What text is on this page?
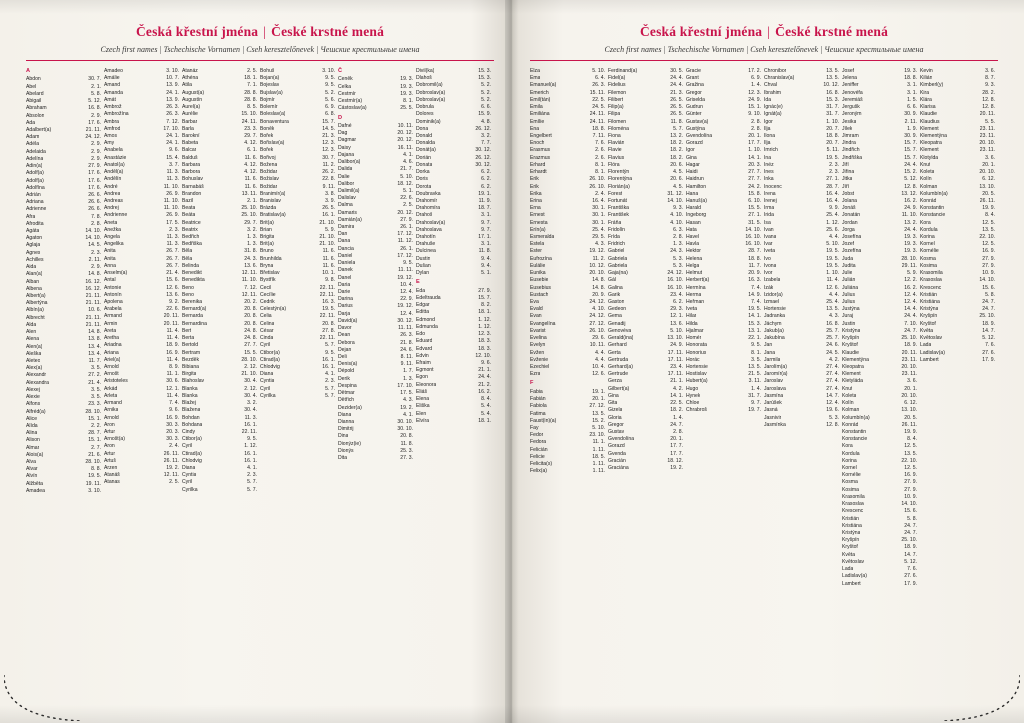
Česká křestní jména | České krstné mená
Czech first names | Tschechische Vornamen | Cseh keresztelőnevek | Чешские крестильные имена
A
Abdon	30. 7.
Ábel	2. 1.
Abelard	5. 8.
Abigail	5. 12.
Abraham	16. 8.
Absolon	2. 9.
Ada	17. 6.
Adalbert(a)	21. 11.
Adam	24. 12.
Adéla	2. 9.
Adelaida	2. 9.
Adelína	2. 9.
Adin(a)	27. 9.
Adolf(a)	17. 6.
Adolf(a)	17. 6.
Adolfína	17. 6.
Adrián	26. 6.
Adriana	26. 6.
Adrienne	26. 6.
Afra	7. 8.
Afrodita	2. 8.
Agáta	14. 10.
Agaton	14. 10.
Aglaja	14. 5.
Agnes	2. 3.
Achilles	2. 11.
Aida	2. 9.
Alan(a)	14. 8.
Alban	16. 12.
Albena	16. 12.
Albert(a)	21. 11.
Albertýna	21. 11.
Albín(a)	10. 6.
Albrecht	21. 11.
Alda	21. 11.
Alen	14. 8.
Alena	13. 8.
Alen(a)	13. 4.
Aleška	13. 4.
Aleteo	11. 7.
Alex(a)	3. 5.
Alexandr	27. 2.
Alexandra	21. 4.
Alexej	3. 5.
Alexie	3. 5.
Alfons	23. 3.
Alfréd(a)	28. 10.
Alice	15. 1.
Alída	2. 2.
Alina	28. 7.
Alison	15. 1.
Almar	2. 7.
Alois(a)	21. 6.
Alva	28. 10.
Alvar	8. 8.
Alvín	19. 5.
Alžběta	19. 11.
Amadea	3. 10.
Amadeo	3. 10.
Amálie	10. 7.
Amand	13. 9.
Amanda	24. 1.
Amát	13. 9.
Ambrož	26. 3.
Ambrožína	26. 3.
Ambra	7. 12.
Amfrod	17. 10.
Amos	24. 1.
Amy	24. 1.
Anabela	9. 6.
Anastázie	15. 4.
Anatol(a)	3. 7.
Anděl(a)	11. 3.
Andělín	11. 3.
André	11. 10.
Andrea	26. 9.
Andreas	11. 10.
Andrej	11. 10.
Andrienne	26. 9.
Aneta	17. 5.
Anežka	2. 3.
Angela	11. 3.
Angelika	11. 3.
Anita	26. 7.
Anita	26. 7.
Anna	26. 7.
Anselm(a)	21. 4.
Antal	15. 6.
Antonie	12. 6.
Antonín	13. 6.
Apolena	9. 2.
Arabela	22. 6.
Armand	20. 11.
Armin	20. 11.
Areta	11. 4.
Aretha	11. 4.
Ariadna	18. 9.
Ariana	16. 9.
Ariel(a)	11. 4.
Arnold	8. 9.
Arnošt	11. 1.
Aristoteles	30. 6.
Arkád	12. 1.
Arleta	11. 4.
Armand	7. 4.
Arnika	9. 6.
Arnold	16. 9.
Aron	30. 3.
Artur	20. 3.
Arnošt(a)	30. 3.
Áron	2. 4.
Artur	26. 11.
Artuš	26. 11.
Arzen	19. 2.
Atanáš	12. 11.
Atanas	2. 5.
Atanáz	2. 5.
Athéna	18. 1.
Atila	7. 1.
August(a)	28. 8.
Augustín	28. 8.
Aurel(a)	8. 5.
Aurélie	15. 10.
Barbar	24. 11.
Barla	23. 3.
Barokní	29. 7.
Babeta	4. 12.
Balcar	6. 1.
Balduš	11. 6.
Barbara	4. 12.
Barbora	4. 12.
Bohuslav	11. 6.
Barnabáš	11. 6.
Brandon	13. 11.
Bazil	2. 1.
Beata	25. 10.
Beáta	25. 10.
Beatrice	29. 7.
Beatrix	3. 2.
Bedřich	1. 3.
Bedřiška	1. 3.
Běla	31. 8.
Běla	24. 3.
Belinda	13. 6.
Benedikt	12. 11.
Benedikta	11. 10.
Beno	7. 12.
Beno	12. 11.
Berenika	20. 2.
Bernard(a)	20. 8.
Bernarda	20. 8.
Bernardina	20. 8.
Bert	24. 8.
Berta	24. 8.
Bertold	27. 7.
Bertram	15. 5.
Bezděk	28. 10.
Bibiana	2. 12.
Birgita	21. 10.
Blahoslav	30. 4.
Blanka	2. 12.
Blanka	30. 4.
Blažej	3. 2.
Blažena	30. 4.
Bohdan	11. 3.
Bohdana	16. 1.
Cindy	22. 11.
Ctibor(a)	9. 5.
Cyril	1. 12.
Ctirad(a)	16. 1.
Chlodvig	16. 1.
Diana	4. 1.
Cyntia	2. 3.
Cyril	5. 7.
Cyrilka	5. 7.
Bohuš	3. 10.
Bojan(a)	9. 5.
Bojeslav	9. 5.
Bujslav(a)	5. 2.
Bojmír	5. 6.
Bolemír	6. 9.
Boleslav(a)	6. 8.
Bonaventura	15. 7.
Boněk	14. 5.
Bořek	21. 3.
Bořislav(a)	12. 3.
Bořek	12. 3.
Bořivoj	30. 7.
Božena	11. 2.
Božidar	26. 2.
Božislav	22. 8.
Božidar	9. 11.
Branimír(a)	3. 8.
Branislav	3. 9.
Brázda	26. 5.
Bratislav(a)	16. 1.
Brit(a)	21. 10.
Brian	5. 9.
Brigita	21. 10.
Brit(a)	21. 10.
Bruno	11. 6.
Brunhilda	11. 6.
Bryna	11. 6.
Břetislav	10. 1.
Bystřík	9. 8.
Cecil	22. 11.
Cecílie	22. 11.
Cedrik	16. 3.
Celestýn(a)	19. 5.
Celia	22. 11.
Celina	20. 8.
César	27. 8.
Cinda	22. 11.
Cyril	5. 7.
Ctibor(a)	9. 5.
Ctirad(a)	16. 1.
Chlodvig	16. 1.
Diana	4. 1.
Cyntia	2. 3.
Cyril	5. 7.
Cyrilka	5. 7.
Č
Čeněk	19. 3.
Čelka	19. 3.
Čestmír	19. 3.
Čestmír(a)	8. 1.
Částoslav(a)	25. 5.
D
Dafné	10. 11.
Dag	20. 12.
Dagmar	20. 12.
Daisy	16. 11.
Dajana	4. 1.
Dalibor(a)	4. 6.
Dalida	21. 7.
Dalie	5. 10.
Dalibor	18. 12.
Dalimil(a)	5. 1.
Dalislav	22. 6.
Dalma	2. 5.
Damaris	20. 12.
Damián(a)	27. 9.
Damira	26. 1.
Dan	17. 12.
Dana	11. 12.
Dancia	26. 1.
Daniel	17. 12.
Daniela	9. 5.
Danek	11. 11.
Danel	19. 12.
Daria	10. 4.
Darie	12. 4.
Darina	22. 9.
Darius	19. 12.
Darja	12. 4.
David(a)	30. 12.
Davor	11. 11.
Dean	26. 3.
Debora	21. 8.
Dejan	24. 6.
Deli	8. 11.
Denis(a)	9. 11.
Dépold	1. 7.
Derik	1. 3.
Despina	17. 10.
Dětmar	17. 5.
Dětřich	4. 3.
Dezider(a)	19. 2.
Diana	4. 1.
Dianna	30. 10.
Dimitrij	30. 10.
Dina	20. 8.
Dionýz(ie)	11. 8.
Dionýs	25. 3.
Dita	27. 3.
Divil(ka)	15. 3.
Dlahoš	15. 3.
Dobromil(a)	5. 2.
Dobroslav(a)	5. 2.
Dobroslav(a)	5. 2.
Dobrula	6. 6.
Dolores	15. 9.
Dominik(a)	4. 8.
Dona	26. 12.
Donald	3. 2.
Donalda	7. 7.
Donát(a)	30. 12.
Dorián	26. 12.
Donata	30. 12.
Dorka	6. 2.
Doris	6. 2.
Dorota	6. 2.
Doubravka	19. 1.
Drahomír	11. 9.
Drahomíra	18. 7.
Drahoš	3. 1.
Drahoslav(a)	9. 7.
Drahoslava	9. 7.
Drahotín	17. 1.
Drahuše	3. 1.
Dulcinea	11. 8.
Dustin	9. 4.
Dušan	9. 4.
Dylan	5. 1.
E
Eda	27. 9.
Edeltrauda	15. 7.
Edgar	8. 2.
Editta	18. 1.
Edmond	1. 12.
Edmunda	1. 12.
Edo	12. 3.
Eduard	18. 3.
Edvard	18. 3.
Edvin	12. 10.
Efraim	9. 6.
Egmont	21. 1.
Egon	24. 4.
Eleonora	21. 2.
Eliáš	16. 2.
Elena	8. 4.
Eliška	5. 4.
Elen	5. 4.
Elvíra	18. 1.
Česká křestní jména | České krstné mená
Czech first names | Tschechische Vornamen | Cseh keresztelőnevek | Чешские крестильные имена
Elza	5. 10.
Ema	6. 4.
Emanuel(a)	26. 3.
Emerich	15. 11.
Emil(tán)	22. 5.
Emila	24. 5.
Emiliána	24. 11.
Emílie	24. 11.
Ena	18. 8.
Engelbert	7. 11.
Enoch	7. 6.
Erasmus	2. 6.
Erazmus	2. 6.
Erhard	8. 1.
Erhardt	8. 1.
Erik	26. 10.
Erik	26. 10.
Erika	2. 4.
Erina	16. 4.
Erna	30. 1.
Ernest	30. 1.
Ernesta	30. 1.
Erín(a)	25. 4.
Esmeralda	29. 5.
Estela	4. 3.
Ester	19. 12.
Eufrozína	11. 2.
Eulálie	10. 12.
Eunika	20. 10.
Eusebie	14. 8.
Eusebius	14. 8.
Eustach	20. 9.
Eva	24. 12.
Evald	4. 10.
Evan	24. 12.
Evangelína	27. 12.
Evarist	26. 10.
Evelina	29. 6.
Evelyn	10. 11.
Evžen	4. 4.
Evženie	4. 4.
Ezechiel	10. 4.
Ezra	12. 6.
F
Fabia	19. 1.
Fabián	20. 1.
Fabiola	27. 12.
Fatima	13. 5.
Faust(in)(a)	15. 2.
Fay	5. 10.
Fedor	23. 10.
Fedora	11. 1.
Felicián	1. 11.
Felicie	18. 5.
Felicita(s)	1. 11.
Felix(a)	1. 11.
Ferdinand(a)	30. 5.
Fidel(a)	24. 4.
Fidelius	24. 4.
Filemon	21. 3.
Filibert	26. 5.
Filip(a)	26. 5.
Filipa	26. 5.
Filomen	11. 8.
Filoména	5. 7.
Fiona	13. 2.
Flavián	18. 2.
Flavie	18. 2.
Flavius	18. 2.
Flóra	20. 6.
Florentýn	4. 5.
Florentýna	20. 6.
Florián(a)	4. 5.
Forest	31. 12.
Fortunát	14. 10.
Františka	9. 3.
František	4. 10.
Fráňa	4. 10.
Fridolín	6. 3.
Frída	2. 8.
Fridrich	1. 3.
Gabriel	24. 3.
Gabriela	5. 3.
Gabriela	5. 3.
Gaja(na)	24. 12.
Gál	16. 10.
Galina	16. 10.
Garik	23. 4.
Gaston	6. 2.
Gedeon	29. 3.
Gema	12. 1.
Genadij	13. 6.
Genovéva	5. 10.
Gerald(ina)	13. 10.
Gerhard	24. 9.
Gerta	17. 11.
Gertruda	17. 11.
Gerhard(a)	23. 4.
Gertrude	17. 11.
Gerza	21. 1.
Gilbert(a)	4. 2.
Gina	14. 1.
Gita	22. 5.
Gizela	18. 2.
Gloria	1. 4.
Gregor	24. 7.
Gustav	2. 8.
Gvendolína	20. 1.
Gorazd	17. 7.
Gvenda	17. 7.
Gracián	18. 12.
Graciána	19. 2.
Gracie	17. 2.
Grant	6. 9.
Gražina	1. 4.
Gregor	12. 3.
Griselda	24. 9.
Gudrun	15. 1.
Günter	9. 10.
Gustav(a)	2. 8.
Gustýna	2. 8.
Gvendolína	20. 1.
Gorazd	17. 7.
Igor	1. 10.
Gina	14. 1.
Hagar	20. 3.
Haidi	27. 7.
Haidrun	27. 7.
Hamilton	24. 2.
Hana	15. 8.
Hanuš(a)	6. 10.
Harald	15. 5.
Ingeborg	27. 1.
Hasan	31. 5.
Hata	14. 10.
Havel	16. 10.
Havla	16. 10.
Hektor	28. 7.
Helena	18. 8.
Helga	11. 7.
Helmut	20. 9.
Herbert(a)	16. 3.
Hermína	7. 4.
Herma	14. 9.
Heřman	7. 4.
Iveta	19. 5.
Hilar	14. 1.
Hilda	15. 3.
Hjalmar	13. 1.
Homér	22. 1.
Honorata	9. 5.
Honorius	8. 1.
Horác	3. 5.
Hortensie	13. 5.
Hostislav	21. 5.
Hubert(a)	3. 11.
Hugo	1. 4.
Hynek	31. 7.
Chloe	9. 7.
Chrabroš	19. 7.
Chronibor	13. 5.
Chranislav(a)	13. 5.
Chval	10. 12.
Ibrahim	16. 8.
Ida	15. 3.
Ignác(e)	31. 7.
Ignát(a)	31. 7.
Igor	1. 10.
Ilja	20. 7.
Ilona	18. 8.
Ilja	20. 7.
Imrich	5. 11.
Ina	19. 5.
Inéz	2. 3.
Ines	2. 3.
Inka	27. 1.
Inocenc	28. 7.
Irena	16. 4.
Irenej	16. 4.
Irma	9. 9.
Irida	25. 4.
Isa	1. 12.
Ivan	25. 6.
Ivana	4. 4.
Ivar	5. 10.
Iveta	19. 5.
Ivo	19. 5.
Ivona	19. 5.
Ivor	1. 10.
Izabela	11. 4.
Izák	12. 6.
Izidor(a)	4. 4.
Izmael	25. 4.
Hortensie	13. 5.
Jadranka	4. 3.
Jáchym	16. 8.
Jakub(a)	25. 7.
Jakubína	25. 7.
Jan	24. 6.
Jana	24. 5.
Jarmila	4. 2.
Jarolím(a)	27. 4.
Jaromír(a)	27. 4.
Jaroslav	27. 4.
Jaroslava	27. 4.
Jasmína	14. 7.
Jarúšek	12. 4.
Jasná	19. 6.
Jasnivir	5. 3.
Jasmínka	12. 8.
Josef	19. 3.
Jelena	18. 8.
Jeniffer	3. 1.
Jenovéfa	3. 1.
Jeremiáš	1. 5.
Jergušk	6. 6.
Jeroným	30. 9.
Jesika	2. 11.
Jílek	1. 9.
Jimram	30. 9.
Jindra	15. 7.
Jindřich	15. 7.
Jindřiška	15. 7.
Jiří	24. 4.
Jiřina	15. 2.
Jitka	5. 12.
Jíří	12. 8.
Jobst	13. 12.
Jolana	16. 2.
Jonáš	24. 9.
Jonatán	11. 10.
Jordan	13. 2.
Jorga	24. 4.
Josefína	19. 3.
Jozef	19. 3.
Jozefína	19. 3.
Juda	28. 10.
Judita	29. 11.
Julie	5. 9.
Julián	12. 2.
Juliána	16. 2.
Julius	12. 4.
Julius	12. 4.
Justýna	14. 4.
Juraj	24. 4.
Justin	7. 10.
Kristýna	24. 7.
Kryšpín	25. 10.
Kryštof	18. 9.
Klaudie	20. 11.
Klementýna	23. 11.
Kleopatra	20. 10.
Klement	23. 11.
Kletyláda	3. 6.
Knut	20. 1.
Koleta	20. 10.
Kolín	6. 12.
Kolman	13. 10.
Kolumbín(a)	20. 5.
Konrád	26. 11.
Konstantin	19. 9.
Konstancie	8. 4.
Kora	12. 5.
Kordula	13. 5.
Korina	22. 10.
Kornel	12. 5.
Kornélie	16. 9.
Kosma	27. 9.
Kosima	27. 9.
Krasomila	10. 9.
Krasoslav	14. 10.
Krescenc	15. 6.
Kristián	5. 8.
Kristiána	24. 7.
Kristýna	24. 7.
Kryšpín	25. 10.
Kryštof	18. 9.
Květa	14. 7.
Květoslav	5. 12.
Lada	7. 6.
Ladislav(a)	27. 6.
Lambert	17. 9.
Kevin	3. 6.
Kilián	8. 7.
Kimberl(y)	9. 3.
Kira	28. 2.
Klára	12. 8.
Klarisa	12. 8.
Klaudie	20. 11.
Klaudius	5. 5.
Klement	23. 11.
Klementýna	23. 11.
Kleopatra	20. 10.
Klement	23. 11.
Klotylda	3. 6.
Knut	20. 1.
Koleta	20. 10.
Kolín	6. 12.
Kolman	13. 10.
Kolumbín(a)	20. 5.
Konrád	26. 11.
Konstantin	19. 9.
Konstancie	8. 4.
Kora	12. 5.
Kordula	13. 5.
Korina	22. 10.
Kornel	12. 5.
Kornélie	16. 9.
Kosma	27. 9.
Kosima	27. 9.
Krasomila	10. 9.
Krasoslav	14. 10.
Krescenc	15. 6.
Kristián	5. 8.
Kristiána	24. 7.
Kristýna	24. 7.
Kryšpín	25. 10.
Kryštof	18. 9.
Květa	14. 7.
Květoslav	5. 12.
Lada	7. 6.
Ladislav(a)	27. 6.
Lambert	17. 9.
